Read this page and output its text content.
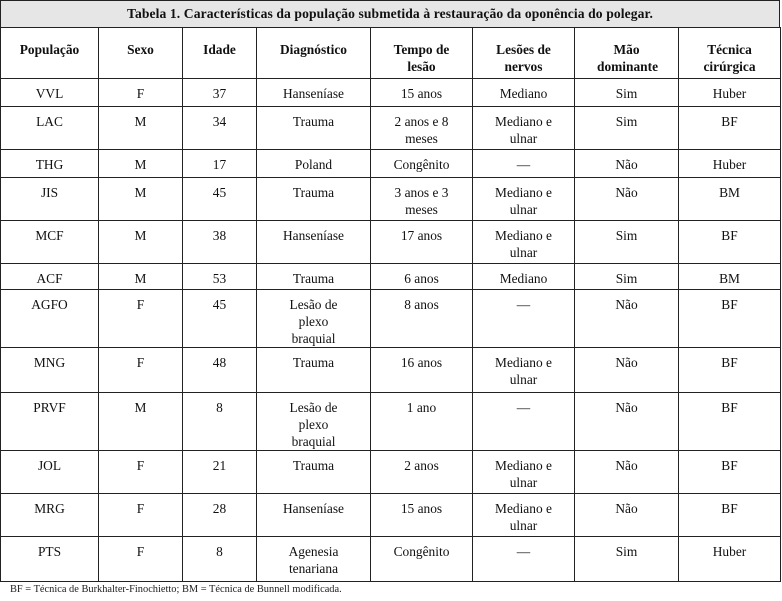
Tabela 1. Características da população submetida à restauração da oponência do polegar.
População	Sexo	Idade	Diagnóstico	Tempo de lesão	Lesões de nervos	Mão dominante	Técnica cirúrgica
VVL	F	37	Hanseníase	15 anos	Mediano	Sim	Huber
LAC	M	34	Trauma	2 anos e 8 meses	Mediano e ulnar	Sim	BF
THG	M	17	Poland	Congênito	—	Não	Huber
JIS	M	45	Trauma	3 anos e 3 meses	Mediano e ulnar	Não	BM
MCF	M	38	Hanseníase	17 anos	Mediano e ulnar	Sim	BF
ACF	M	53	Trauma	6 anos	Mediano	Sim	BM
AGFO	F	45	Lesão de plexo braquial	8 anos	—	Não	BF
MNG	F	48	Trauma	16 anos	Mediano e ulnar	Não	BF
PRVF	M	8	Lesão de plexo braquial	1 ano	—	Não	BF
JOL	F	21	Trauma	2 anos	Mediano e ulnar	Não	BF
MRG	F	28	Hanseníase	15 anos	Mediano e ulnar	Não	BF
PTS	F	8	Agenesia tenariana	Congênito	—	Sim	Huber
BF = Técnica de Burkhalter-Finochietto; BM = Técnica de Bunnell modificada.
